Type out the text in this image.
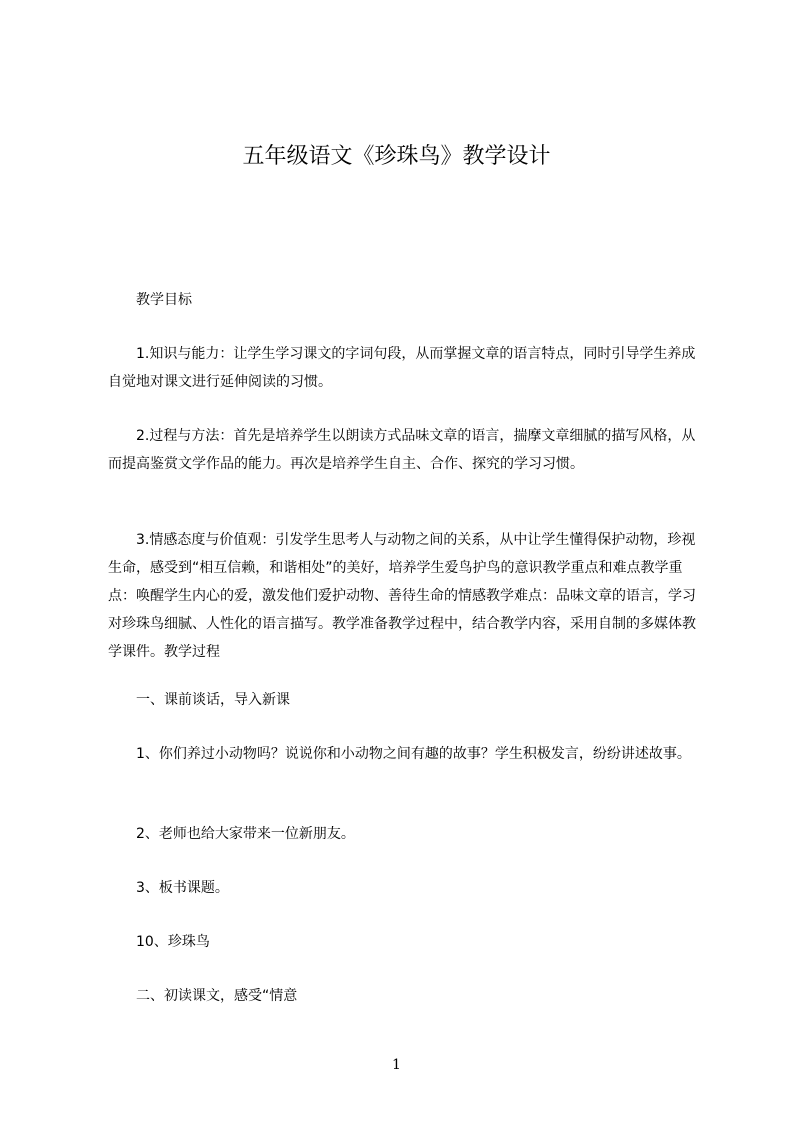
五年级语文《珍珠鸟》教学设计
教学目标

1.知识与能力：让学生学习课文的字词句段，从而掌握文章的语言特点，同时引导学生养成自觉地对课文进行延伸阅读的习惯。

2.过程与方法：首先是培养学生以朗读方式品味文章的语言，揣摩文章细腻的描写风格，从而提高鉴赏文学作品的能力。再次是培养学生自主、合作、探究的学习习惯。

3.情感态度与价值观：引发学生思考人与动物之间的关系，从中让学生懂得保护动物，珍视生命，感受到“相互信赖，和谐相处”的美好，培养学生爱鸟护鸟的意识教学重点和难点教学重点：唤醒学生内心的爱，激发他们爱护动物、善待生命的情感教学难点：品味文章的语言，学习对珍珠鸟细腻、人性化的语言描写。教学准备教学过程中，结合教学内容，采用自制的多媒体教学课件。教学过程

一、课前谈话，导入新课

1、你们养过小动物吗？说说你和小动物之间有趣的故事？学生积极发言，纷纷讲述故事。

2、老师也给大家带来一位新朋友。
3、板书课题。
10、珍珠鸟
二、初读课文，感受“情意
1
